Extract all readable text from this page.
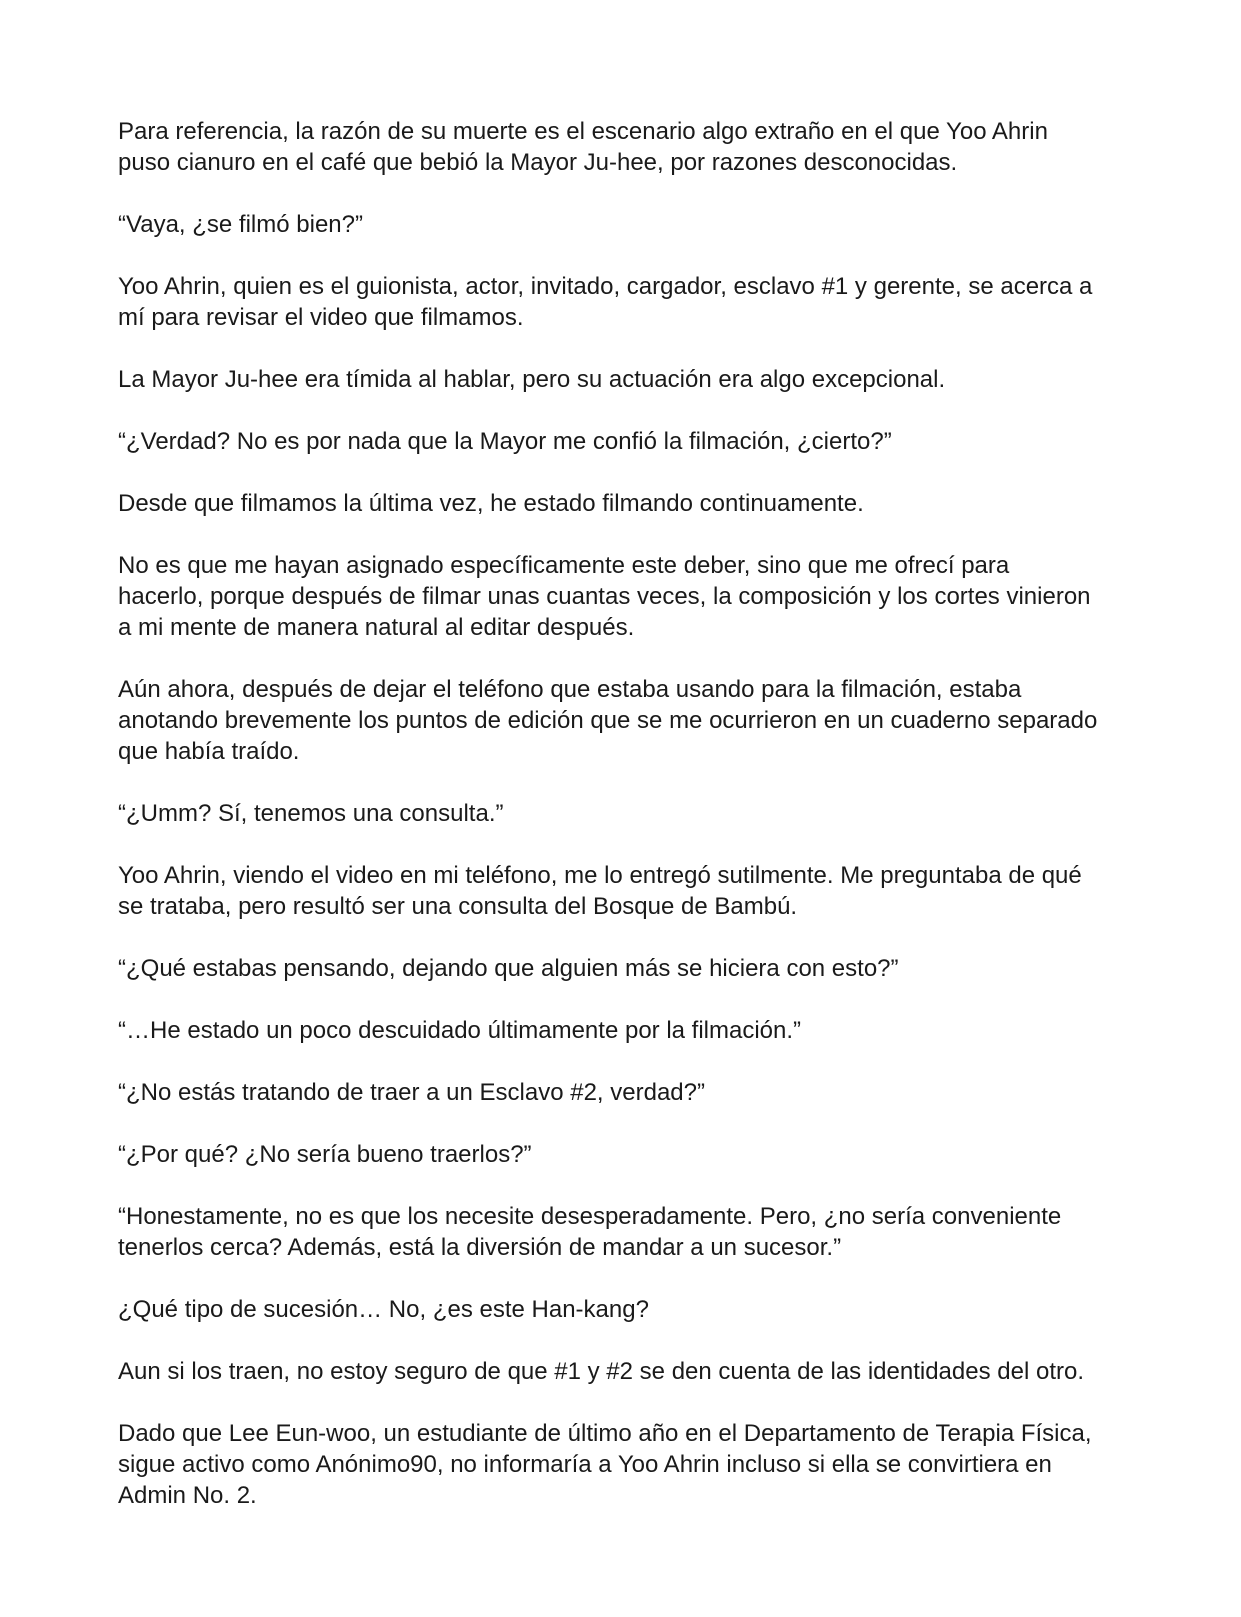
Para referencia, la razón de su muerte es el escenario algo extraño en el que Yoo Ahrin puso cianuro en el café que bebió la Mayor Ju-hee, por razones desconocidas.

“Vaya, ¿se filmó bien?”

Yoo Ahrin, quien es el guionista, actor, invitado, cargador, esclavo #1 y gerente, se acerca a mí para revisar el video que filmamos.

La Mayor Ju-hee era tímida al hablar, pero su actuación era algo excepcional.

“¿Verdad? No es por nada que la Mayor me confió la filmación, ¿cierto?”

Desde que filmamos la última vez, he estado filmando continuamente.

No es que me hayan asignado específicamente este deber, sino que me ofrecí para hacerlo, porque después de filmar unas cuantas veces, la composición y los cortes vinieron a mi mente de manera natural al editar después.

Aún ahora, después de dejar el teléfono que estaba usando para la filmación, estaba anotando brevemente los puntos de edición que se me ocurrieron en un cuaderno separado que había traído.

“¿Umm? Sí, tenemos una consulta.”

Yoo Ahrin, viendo el video en mi teléfono, me lo entregó sutilmente. Me preguntaba de qué se trataba, pero resultó ser una consulta del Bosque de Bambú.

“¿Qué estabas pensando, dejando que alguien más se hiciera con esto?”

“…He estado un poco descuidado últimamente por la filmación.”

“¿No estás tratando de traer a un Esclavo #2, verdad?”

“¿Por qué? ¿No sería bueno traerlos?”

“Honestamente, no es que los necesite desesperadamente. Pero, ¿no sería conveniente tenerlos cerca? Además, está la diversión de mandar a un sucesor.”

¿Qué tipo de sucesión… No, ¿es este Han-kang?

Aun si los traen, no estoy seguro de que #1 y #2 se den cuenta de las identidades del otro.

Dado que Lee Eun-woo, un estudiante de último año en el Departamento de Terapia Física, sigue activo como Anónimo90, no informaría a Yoo Ahrin incluso si ella se convirtiera en Admin No. 2.
